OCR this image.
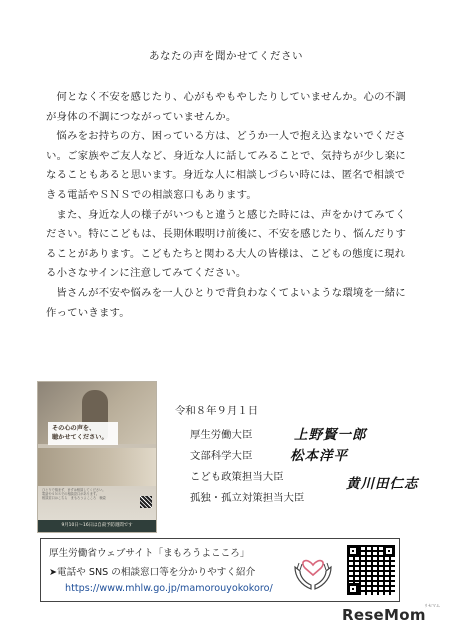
あなたの声を聞かせてください

何となく不安を感じたり、心がもやもやしたりしていませんか。心の不調が身体の不調につながっていませんか。

悩みをお持ちの方、困っている方は、どうか一人で抱え込まないでください。ご家族やご友人など、身近な人に話してみることで、気持ちが少し楽になることもあると思います。身近な人に相談しづらい時には、匿名で相談できる電話やＳＮＳでの相談窓口もあります。

また、身近な人の様子がいつもと違うと感じた時には、声をかけてみてください。特にこどもは、長期休暇明け前後に、不安を感じたり、悩んだりすることがあります。こどもたちと関わる大人の皆様は、こどもの態度に現れる小さなサインに注意してみてください。

皆さんが不安や悩みを一人ひとりで背負わなくてよいような環境を一緒に作っていきます。

その心の声を、
聴かせてください。
ひとりで悩まず、まずは相談してください。
電話やＳＮＳでの相談窓口があります。
相談窓口はこちら　まもろうよこころ　検索
9月10日〜16日は自殺予防週間です
令和８年９月１日
厚生労働大臣
文部科学大臣
こども政策担当大臣
孤独・孤立対策担当大臣
上野賢一郎
松本洋平
黄川田仁志
厚生労働省ウェブサイト「まもろうよこころ」
➤電話や SNS の相談窓口等を分かりやすく紹介
https://www.mhlw.go.jp/mamorouyokokoro/
ReseMom
リセマム
